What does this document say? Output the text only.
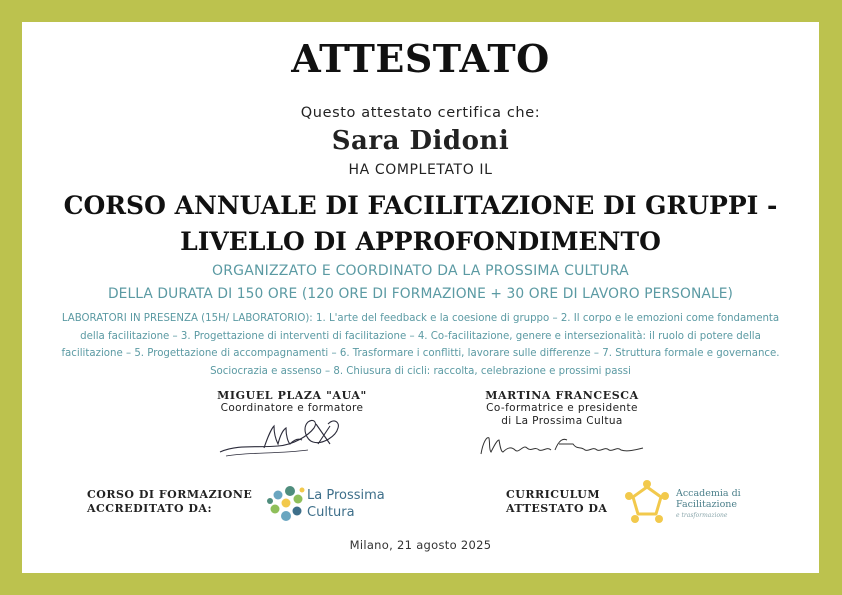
ATTESTATO
Questo attestato certifica che:
Sara Didoni
HA COMPLETATO IL
CORSO ANNUALE DI FACILITAZIONE DI GRUPPI -
LIVELLO DI APPROFONDIMENTO
ORGANIZZATO E COORDINATO DA LA PROSSIMA CULTURA
DELLA DURATA DI 150 ORE (120 ORE DI FORMAZIONE + 30 ORE DI LAVORO PERSONALE)
LABORATORI IN PRESENZA (15H/ LABORATORIO): 1. L'arte del feedback e la coesione di gruppo – 2. Il corpo e le emozioni come fondamenta della facilitazione – 3. Progettazione di interventi di facilitazione – 4. Co-facilitazione, genere e intersezionalità: il ruolo di potere della facilitazione – 5. Progettazione di accompagnamenti – 6. Trasformare i conflitti, lavorare sulle differenze – 7. Struttura formale e governance. Sociocrazia e assenso – 8. Chiusura di cicli: raccolta, celebrazione e prossimi passi
MIGUEL PLAZA "AUA"
Coordinatore e formatore
MARTINA FRANCESCA
Co-formatrice e presidente
di La Prossima Cultua
CORSO DI FORMAZIONE
ACCREDITATO DA:
La Prossima
Cultura
CURRICULUM
ATTESTATO DA
Accademia di
Facilitazione
e trasformazione
Milano, 21 agosto 2025
